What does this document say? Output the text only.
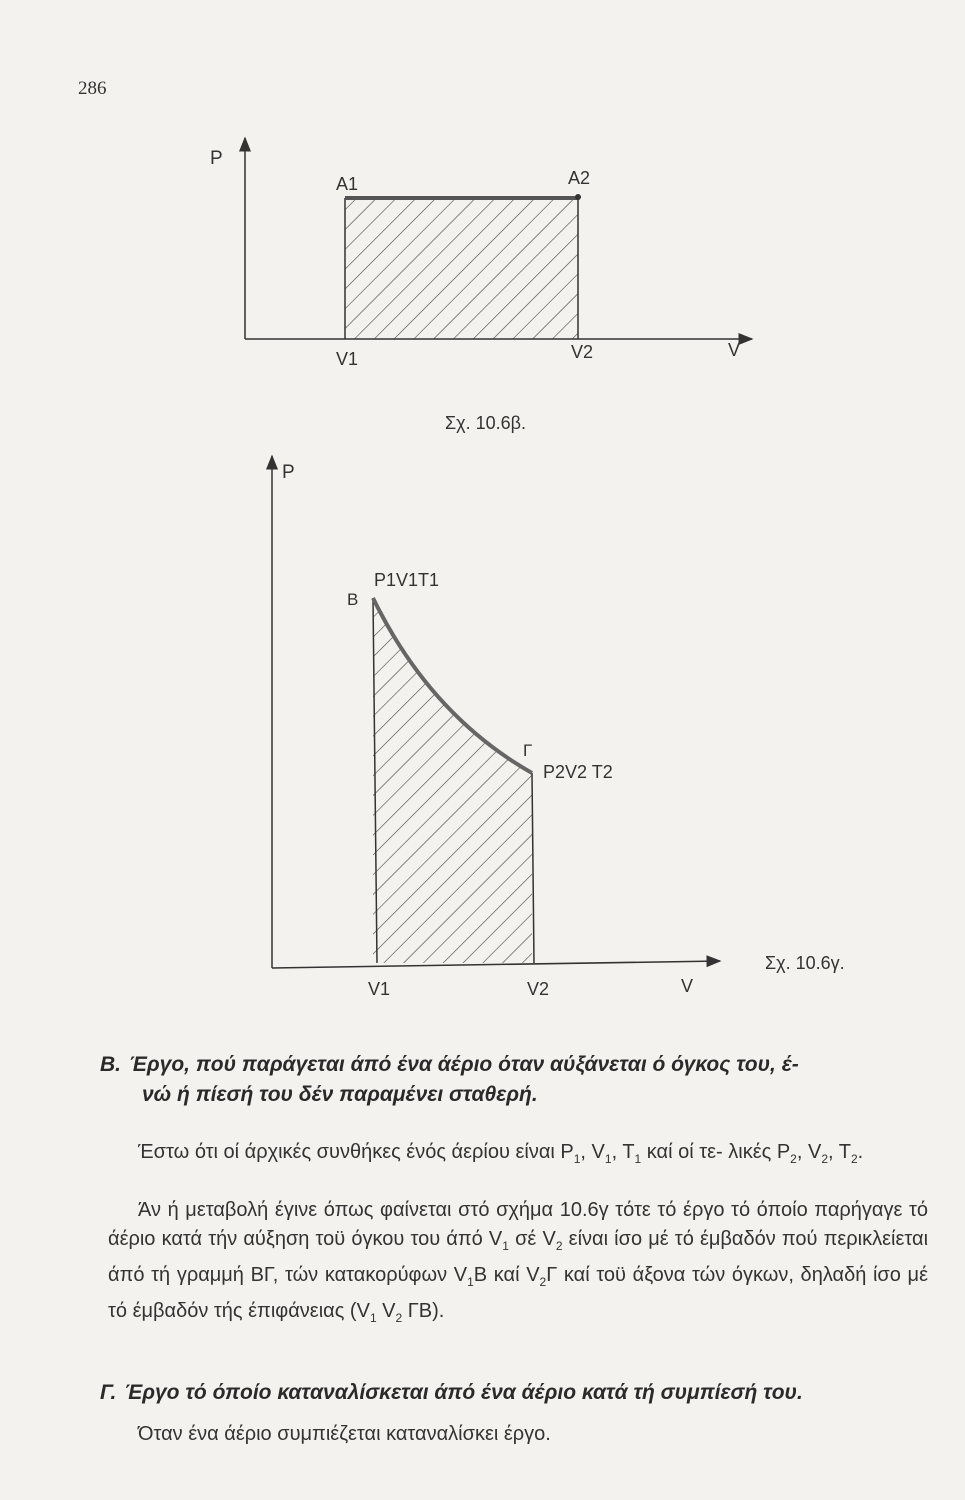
286
P
A1	A2
V1	V2	V
Σχ. 10.6β.
P
B
P1V1T1
Γ
P2V2 T2
V1	V2	V
Σχ. 10.6γ.
Β. Έργο, πού παράγεται άπό ένα άέριο όταν αύξάνεται ό όγκος του, έ-
νώ ή πίεσή του δέν παραμένει σταθερή.
Έστω ότι οί άρχικές συνθήκες ένός άερίου είναι $P_1$, $V_1$, $T_1$ καί οί τε- λικές $P_2$, $V_2$, $T_2$.
Άν ή μεταβολή έγινε όπως φαίνεται στό σχήμα 10.6γ τότε τό έργο τό όποίο παρήγαγε τό άέριο κατά τήν αύξηση τοϋ όγκου του άπό $V_1$ σέ $V_2$ είναι ίσο μέ τό έμβαδόν πού περικλείεται άπό τή γραμμή ΒΓ, τών κατακορύφων $V_1B$ καί $V_2\Gamma$ καί τοϋ άξονα τών όγκων, δηλαδή ίσο μέ τό έμβαδόν τής έπιφάνειας ($V_1$ $V_2$ ΓΒ).
Γ. Έργο τό όποίο καταναλίσκεται άπό ένα άέριο κατά τή συμπίεσή του.
Όταν ένα άέριο συμπιέζεται καταναλίσκει έργο.
